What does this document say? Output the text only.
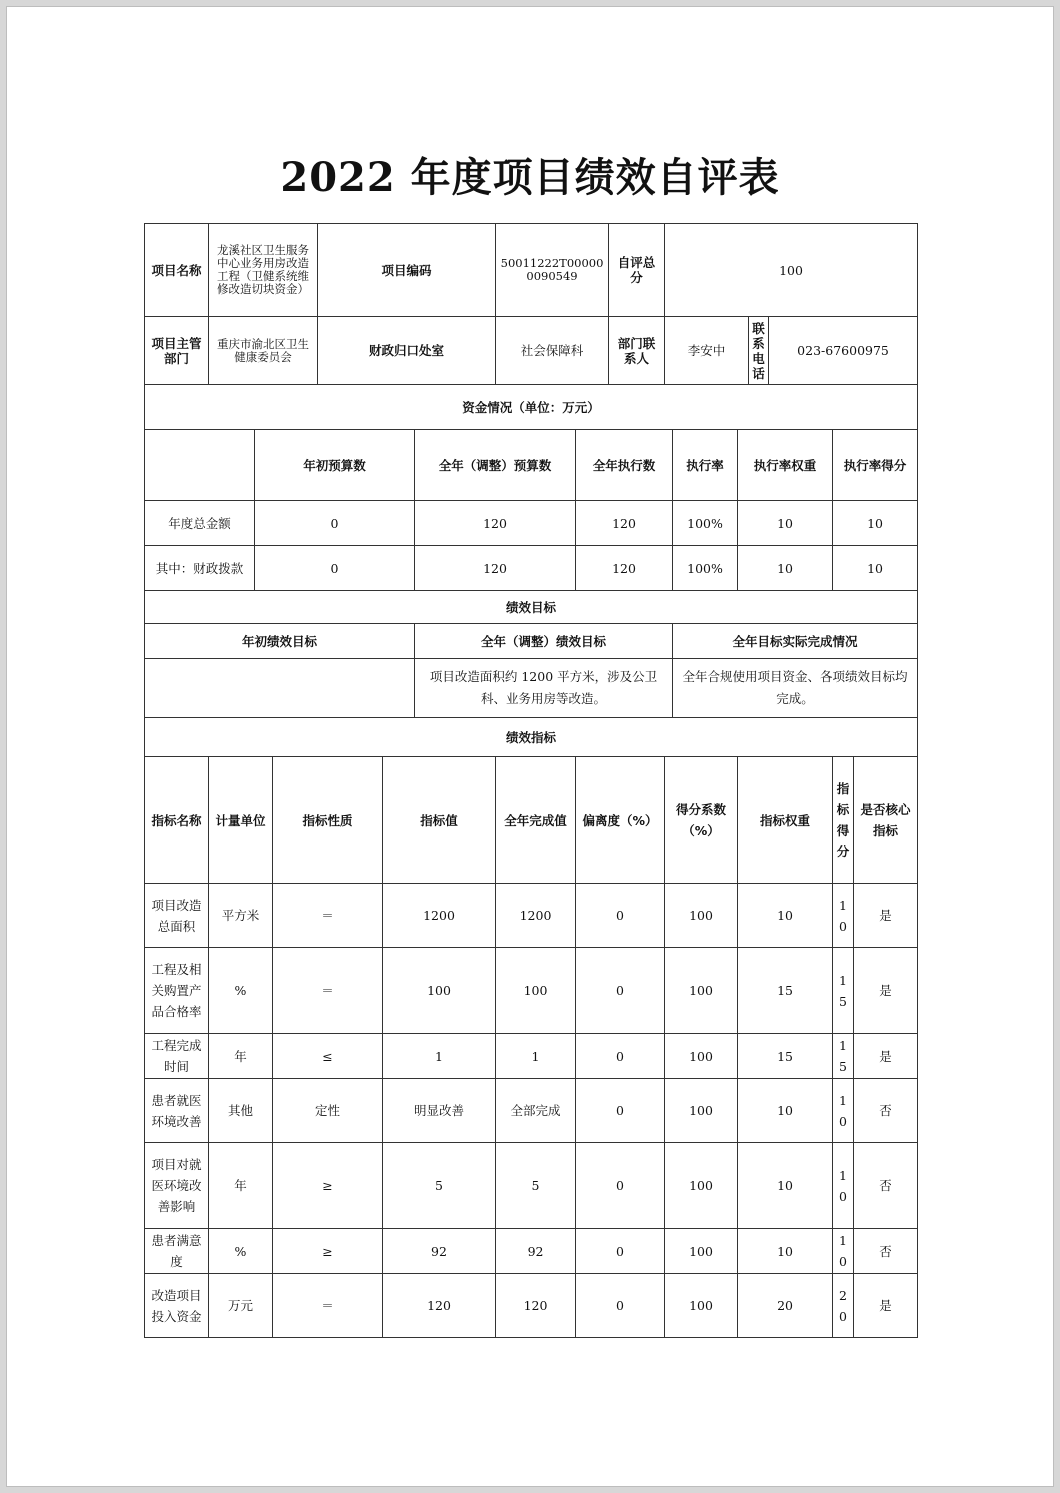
2022 年度项目绩效自评表
项目名称	龙溪社区卫生服务中心业务用房改造工程（卫健系统维修改造切块资金）			项目编码			50011222T000000090549		自评总分	100							
项目主管部门	重庆市渝北区卫生健康委员会			财政归口处室			社会保障科		部门联系人	李安中			联系电话	023-67600975			
资金情况（单位：万元）																	
		年初预算数				全年（调整）预算数		全年执行数			执行率	执行率权重			执行率得分		
年度总金额		0				120		120			100%	10			10		
其中：财政拨款		0				120		120			100%	10			10		
绩效目标																	
年初绩效目标						全年（调整）绩效目标					全年目标实际完成情况						
						项目改造面积约 1200 平方米，涉及公卫科、业务用房等改造。					全年合规使用项目资金、各项绩效目标均完成。						
绩效指标																	
指标名称	计量单位		指标性质		指标值		全年完成值	偏离度（%）		得分系数（%）		指标权重			指标得分	是否核心指标		
项目改造总面积	平方米		＝		1200		1200	0		100		10			10	是		
工程及相关购置产品合格率	%		＝		100		100	0		100		15			15	是		
工程完成时间	年		≤		1		1	0		100		15			15	是		
患者就医环境改善	其他		定性		明显改善		全部完成	0		100		10			10	否		
项目对就医环境改善影响	年		≥		5		5	0		100		10			10	否		
患者满意度	%		≥		92		92	0		100		10			10	否		
改造项目投入资金	万元		＝		120		120	0		100		20			20	是		
